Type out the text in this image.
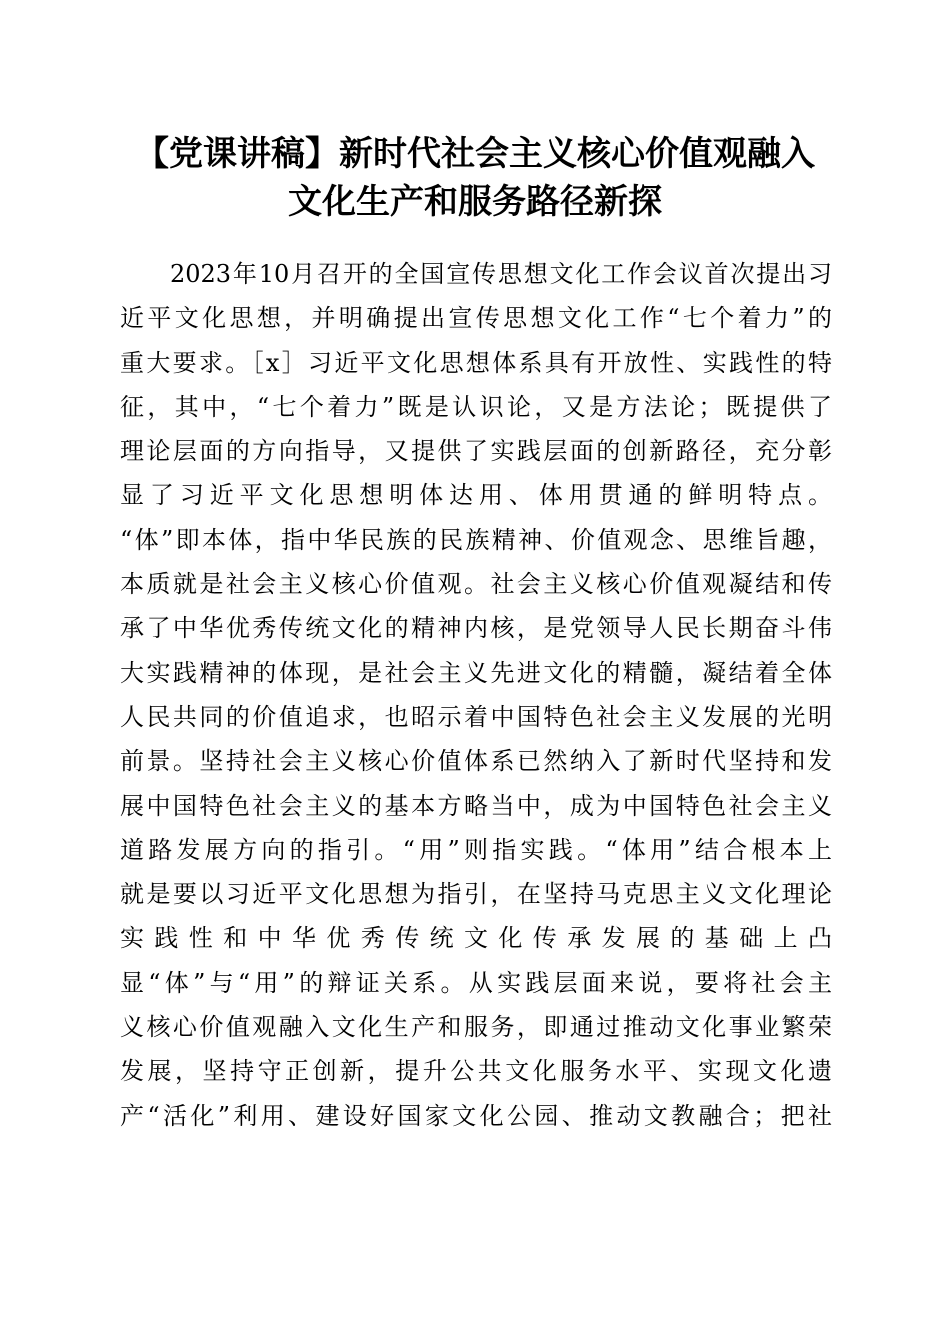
【党课讲稿】新时代社会主义核心价值观融入
文化生产和服务路径新探
2023年10月召开的全国宣传思想文化工作会议首次提出习
近平文化思想，并明确提出宣传思想文化工作“七个着力”的
重大要求。［x］习近平文化思想体系具有开放性、实践性的特
征，其中，“七个着力”既是认识论，又是方法论；既提供了
理论层面的方向指导，又提供了实践层面的创新路径，充分彰
显了习近平文化思想明体达用、体用贯通的鲜明特点。
“体”即本体，指中华民族的民族精神、价值观念、思维旨趣，
本质就是社会主义核心价值观。社会主义核心价值观凝结和传
承了中华优秀传统文化的精神内核，是党领导人民长期奋斗伟
大实践精神的体现，是社会主义先进文化的精髓，凝结着全体
人民共同的价值追求，也昭示着中国特色社会主义发展的光明
前景。坚持社会主义核心价值体系已然纳入了新时代坚持和发
展中国特色社会主义的基本方略当中，成为中国特色社会主义
道路发展方向的指引。“用”则指实践。“体用”结合根本上
就是要以习近平文化思想为指引，在坚持马克思主义文化理论
实践性和中华优秀传统文化传承发展的基础上凸
显“体”与“用”的辩证关系。从实践层面来说，要将社会主
义核心价值观融入文化生产和服务，即通过推动文化事业繁荣
发展，坚持守正创新，提升公共文化服务水平、实现文化遗
产“活化”利用、建设好国家文化公园、推动文教融合；把社
